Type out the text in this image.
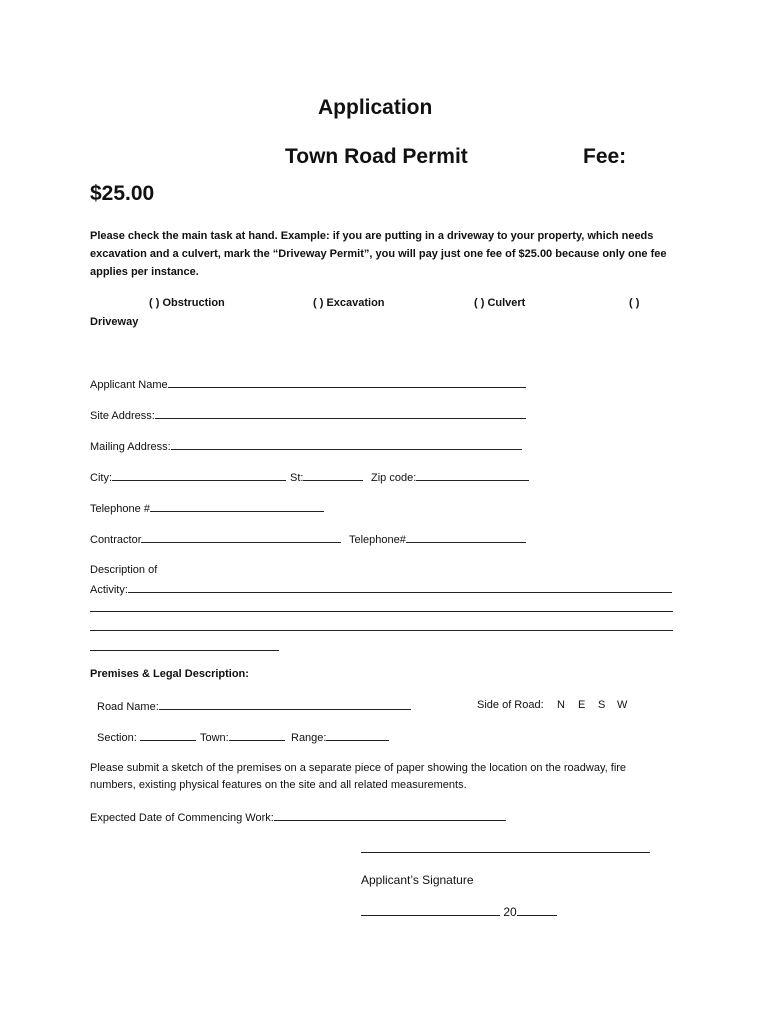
Application
Town Road Permit	Fee:
$25.00
Please check the main task at hand. Example: if you are putting in a driveway to your property, which needs
excavation and a culvert, mark the “Driveway Permit”, you will pay just one fee of $25.00 because only one fee
applies per instance.
( ) Obstruction	( ) Excavation	( ) Culvert	( )
Driveway
Applicant Name
Site Address:
Mailing Address:
City:	St:	Zip code:
Telephone #
Contractor	Telephone#
Description of
Activity:
Premises & Legal Description:
Road Name:	Side of Road: N E S W
Section:	Town:	Range:
Please submit a sketch of the premises on a separate piece of paper showing the location on the roadway, fire
numbers, existing physical features on the site and all related measurements.
Expected Date of Commencing Work:
Applicant’s Signature
20
